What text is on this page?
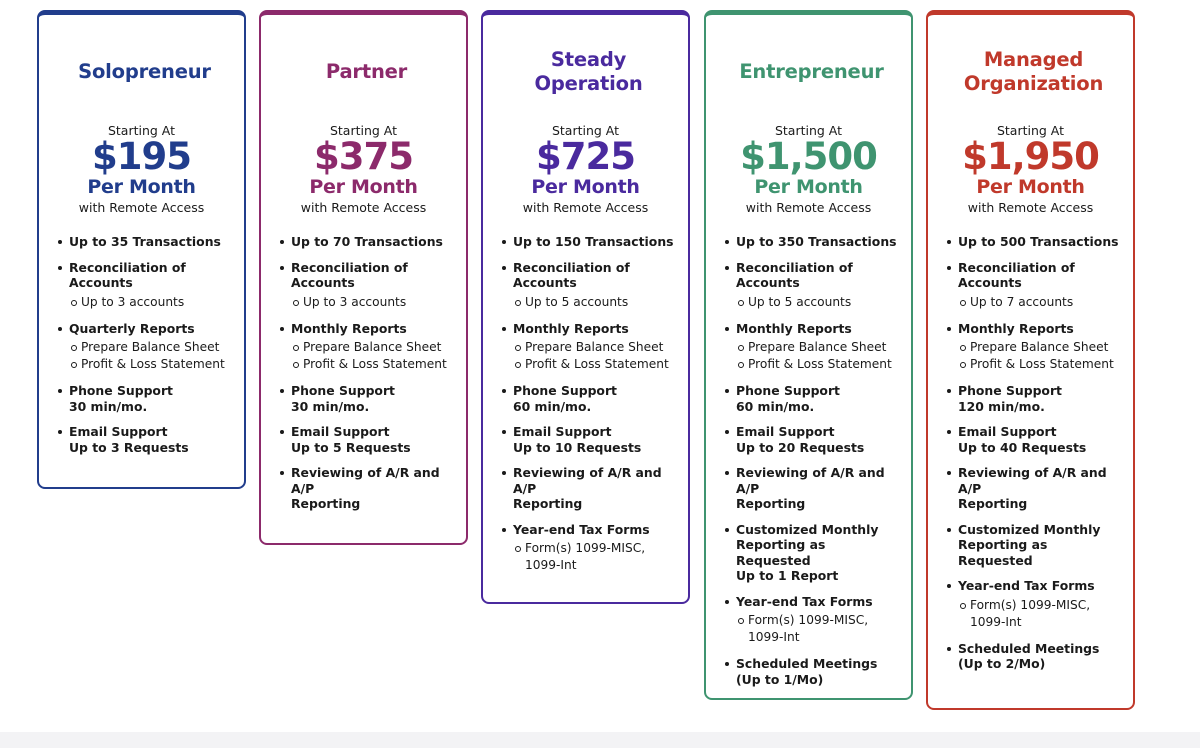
Solopreneur
Starting At
$195
Per Month
with Remote Access
Up to 35 Transactions
Reconciliation of Accounts
Up to 3 accounts
Quarterly Reports
Prepare Balance Sheet
Profit & Loss Statement
Phone Support
30 min/mo.
Email Support
Up to 3 Requests
Partner
Starting At
$375
Per Month
with Remote Access
Up to 70 Transactions
Reconciliation of Accounts
Up to 3 accounts
Monthly Reports
Prepare Balance Sheet
Profit & Loss Statement
Phone Support
30 min/mo.
Email Support
Up to 5 Requests
Reviewing of A/R and A/P
Reporting
Steady Operation
Starting At
$725
Per Month
with Remote Access
Up to 150 Transactions
Reconciliation of Accounts
Up to 5 accounts
Monthly Reports
Prepare Balance Sheet
Profit & Loss Statement
Phone Support
60 min/mo.
Email Support
Up to 10 Requests
Reviewing of A/R and A/P
Reporting
Year-end Tax Forms
Form(s) 1099-MISC, 1099-Int
Entrepreneur
Starting At
$1,500
Per Month
with Remote Access
Up to 350 Transactions
Reconciliation of Accounts
Up to 5 accounts
Monthly Reports
Prepare Balance Sheet
Profit & Loss Statement
Phone Support
60 min/mo.
Email Support
Up to 20 Requests
Reviewing of A/R and A/P
Reporting
Customized Monthly Reporting as Requested
Up to 1 Report
Year-end Tax Forms
Form(s) 1099-MISC, 1099-Int
Scheduled Meetings
(Up to 1/Mo)
Managed Organization
Starting At
$1,950
Per Month
with Remote Access
Up to 500 Transactions
Reconciliation of Accounts
Up to 7 accounts
Monthly Reports
Prepare Balance Sheet
Profit & Loss Statement
Phone Support
120 min/mo.
Email Support
Up to 40 Requests
Reviewing of A/R and A/P
Reporting
Customized Monthly Reporting as Requested
Year-end Tax Forms
Form(s) 1099-MISC, 1099-Int
Scheduled Meetings
(Up to 2/Mo)
